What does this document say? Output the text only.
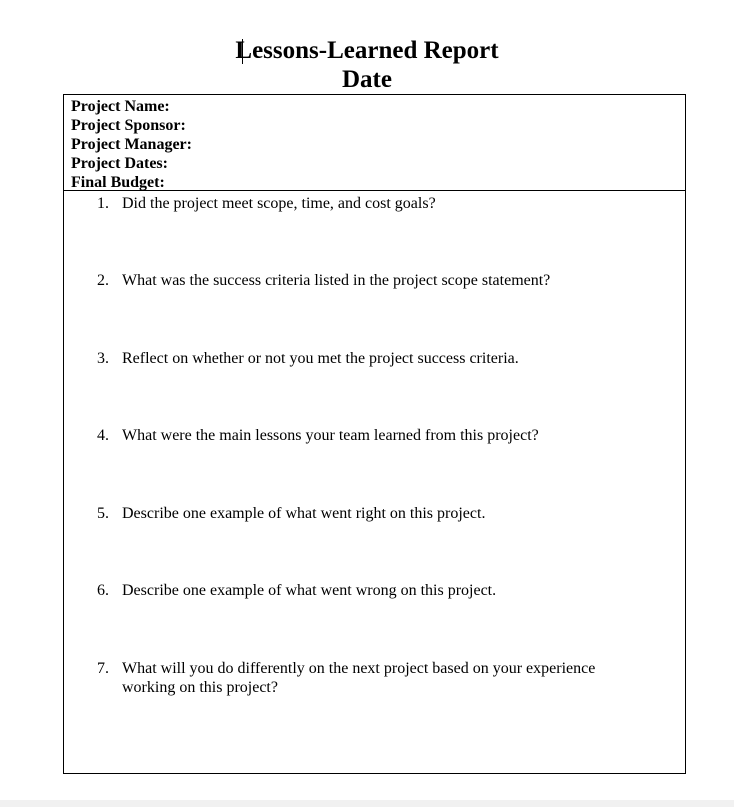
Lessons-Learned Report
Date
Project Name:
Project Sponsor:
Project Manager:
Project Dates:
Final Budget:
1. Did the project meet scope, time, and cost goals?
2. What was the success criteria listed in the project scope statement?
3. Reflect on whether or not you met the project success criteria.
4. What were the main lessons your team learned from this project?
5. Describe one example of what went right on this project.
6. Describe one example of what went wrong on this project.
7. What will you do differently on the next project based on your experience working on this project?
